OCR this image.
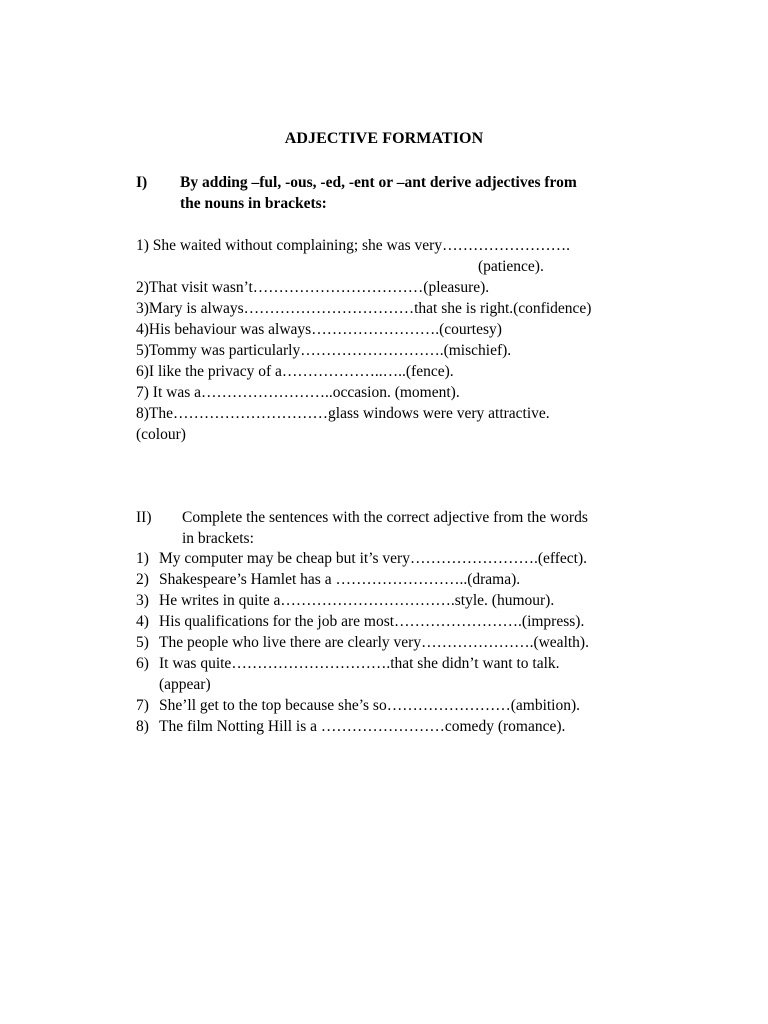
ADJECTIVE FORMATION
I) By adding –ful, -ous, -ed, -ent or –ant derive adjectives from
the nouns in brackets:
1) She waited without complaining; she was very…………………….
(patience).
2)That visit wasn’t……………………………(pleasure).
3)Mary is always……………………………that she is right.(confidence)
4)His behaviour was always…………………….(courtesy)
5)Tommy was particularly……………………….(mischief).
6)I like the privacy of a………………..…..(fence).
7) It was a……………………..occasion. (moment).
8)The…………………………glass windows were very attractive.
(colour)
II) Complete the sentences with the correct adjective from the words
in brackets:
1) My computer may be cheap but it’s very…………………….(effect).
2) Shakespeare’s Hamlet has a ……………………..(drama).
3) He writes in quite a…………………………….style. (humour).
4) His qualifications for the job are most…………………….(impress).
5) The people who live there are clearly very………………….(wealth).
6) It was quite………………………….that she didn’t want to talk.
(appear)
7) She’ll get to the top because she’s so……………………(ambition).
8) The film Notting Hill is a ……………………comedy (romance).
